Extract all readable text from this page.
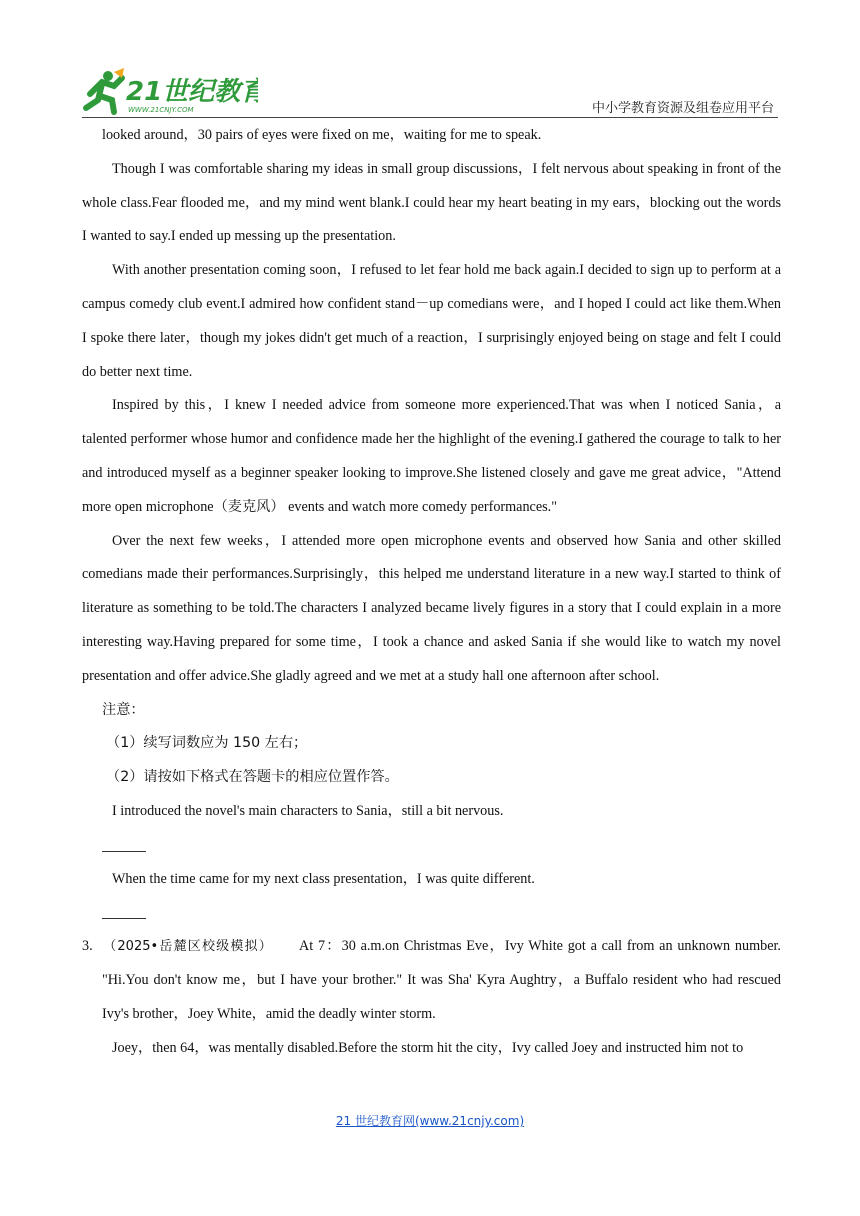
21世纪教育
WWW.21CNJY.COM	中小学教育资源及组卷应用平台

looked around，30 pairs of eyes were fixed on me，waiting for me to speak.

Though I was comfortable sharing my ideas in small group discussions，I felt nervous about speaking in front of the whole class.Fear flooded me，and my mind went blank.I could hear my heart beating in my ears，blocking out the words I wanted to say.I ended up messing up the presentation.

With another presentation coming soon，I refused to let fear hold me back again.I decided to sign up to perform at a campus comedy club event.I admired how confident stand－up comedians were，and I hoped I could act like them.When I spoke there later，though my jokes didn't get much of a reaction，I surprisingly enjoyed being on stage and felt I could do better next time.

Inspired by this，I knew I needed advice from someone more experienced.That was when I noticed Sania，a talented performer whose humor and confidence made her the highlight of the evening.I gathered the courage to talk to her and introduced myself as a beginner speaker looking to improve.She listened closely and gave me great advice，"Attend more open microphone（麦克风） events and watch more comedy performances."

Over the next few weeks，I attended more open microphone events and observed how Sania and other skilled comedians made their performances.Surprisingly，this helped me understand literature in a new way.I started to think of literature as something to be told.The characters I analyzed became lively figures in a story that I could explain in a more interesting way.Having prepared for some time，I took a chance and asked Sania if she would like to watch my novel presentation and offer advice.She gladly agreed and we met at a study hall one afternoon after school.

注意：

（1）续写词数应为 150 左右；

（2）请按如下格式在答题卡的相应位置作答。

I introduced the novel's main characters to Sania，still a bit nervous.

When the time came for my next class presentation，I was quite different.

3. （2025•岳麓区校级模拟） At 7：30 a.m.on Christmas Eve，Ivy White got a call from an unknown number. "Hi.You don't know me，but I have your brother." It was Sha' Kyra Aughtry，a Buffalo resident who had rescued Ivy's brother，Joey White，amid the deadly winter storm.

Joey，then 64，was mentally disabled.Before the storm hit the city，Ivy called Joey and instructed him not to

21 世纪教育网(www.21cnjy.com)
